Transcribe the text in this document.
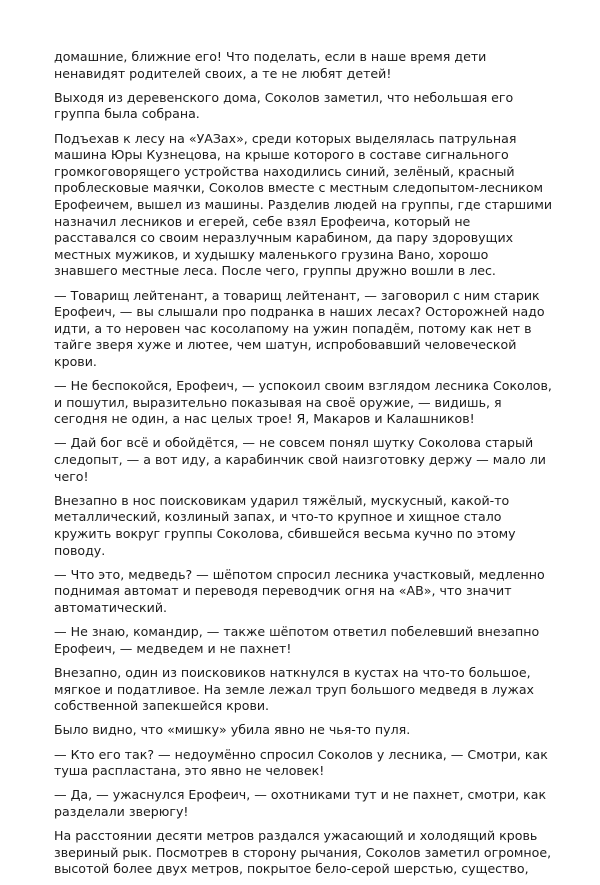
домашние, ближние его! Что поделать, если в наше время дети ненавидят родителей своих, а те не любят детей!

Выходя из деревенского дома, Соколов заметил, что небольшая его группа была собрана.

Подъехав к лесу на «УАЗах», среди которых выделялась патрульная машина Юры Кузнецова, на крыше которого в составе сигнального громкоговорящего устройства находились синий, зелёный, красный проблесковые маячки, Соколов вместе с местным следопытом-лесником Ерофеичем, вышел из машины. Разделив людей на группы, где старшими назначил лесников и егерей, себе взял Ерофеича, который не расставался со своим неразлучным карабином, да пару здоровущих местных мужиков, и худышку маленького грузина Вано, хорошо знавшего местные леса. После чего, группы дружно вошли в лес.

— Товарищ лейтенант, а товарищ лейтенант, — заговорил с ним старик Ерофеич, — вы слышали про подранка в наших лесах? Осторожней надо идти, а то неровен час косолапому на ужин попадём, потому как нет в тайге зверя хуже и лютее, чем шатун, испробовавший человеческой крови.

— Не беспокойся, Ерофеич, — успокоил своим взглядом лесника Соколов, и пошутил, выразительно показывая на своё оружие, — видишь, я сегодня не один, а нас целых трое! Я, Макаров и Калашников!

— Дай бог всё и обойдётся, — не совсем понял шутку Соколова старый следопыт, — а вот иду, а карабинчик свой наизготовку держу — мало ли чего!

Внезапно в нос поисковикам ударил тяжёлый, мускусный, какой-то металлический, козлиный запах, и что-то крупное и хищное стало кружить вокруг группы Соколова, сбившейся весьма кучно по этому поводу.

— Что это, медведь? — шёпотом спросил лесника участковый, медленно поднимая автомат и переводя переводчик огня на «АВ», что значит автоматический.

— Не знаю, командир, — также шёпотом ответил побелевший внезапно Ерофеич, — медведем и не пахнет!

Внезапно, один из поисковиков наткнулся в кустах на что-то большое, мягкое и податливое. На земле лежал труп большого медведя в лужах собственной запекшейся крови.

Было видно, что «мишку» убила явно не чья-то пуля.

— Кто его так? — недоумённо спросил Соколов у лесника, — Смотри, как туша распластана, это явно не человек!

— Да, — ужаснулся Ерофеич, — охотниками тут и не пахнет, смотри, как разделали зверюгу!

На расстоянии десяти метров раздался ужасающий и холодящий кровь звериный рык. Посмотрев в сторону рычания, Соколов заметил огромное, высотой более двух метров, покрытое бело-серой шерстью, существо,
